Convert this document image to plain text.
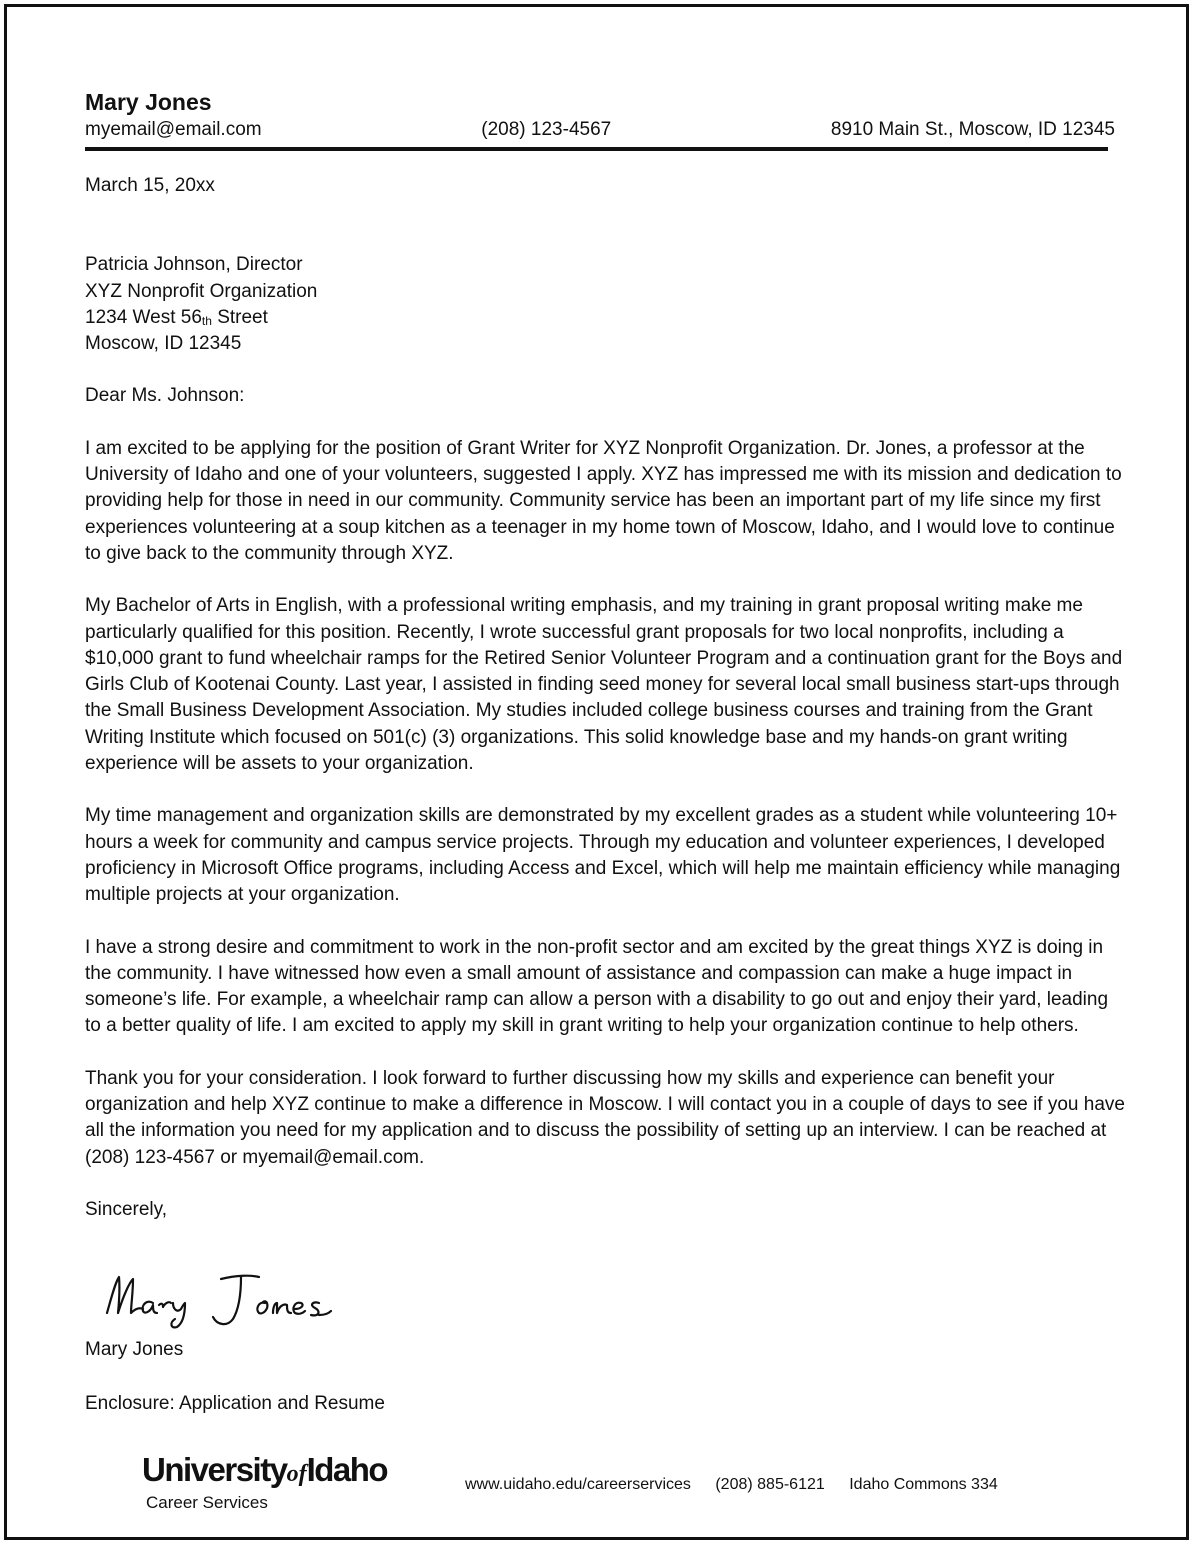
Mary Jones
myemail@email.com	(208) 123-4567	8910 Main St., Moscow, ID 12345
March 15, 20xx
Patricia Johnson, Director
XYZ Nonprofit Organization
1234 West $56_{th}$ Street
Moscow, ID 12345
Dear Ms. Johnson:

I am excited to be applying for the position of Grant Writer for XYZ Nonprofit Organization. Dr. Jones, a professor at the University of Idaho and one of your volunteers, suggested I apply. XYZ has impressed me with its mission and dedication to providing help for those in need in our community. Community service has been an important part of my life since my first experiences volunteering at a soup kitchen as a teenager in my home town of Moscow, Idaho, and I would love to continue to give back to the community through XYZ.

My Bachelor of Arts in English, with a professional writing emphasis, and my training in grant proposal writing make me particularly qualified for this position. Recently, I wrote successful grant proposals for two local nonprofits, including a $10,000 grant to fund wheelchair ramps for the Retired Senior Volunteer Program and a continuation grant for the Boys and Girls Club of Kootenai County. Last year, I assisted in finding seed money for several local small business start-ups through the Small Business Development Association. My studies included college business courses and training from the Grant Writing Institute which focused on 501(c) (3) organizations. This solid knowledge base and my hands-on grant writing experience will be assets to your organization.

My time management and organization skills are demonstrated by my excellent grades as a student while volunteering 10+ hours a week for community and campus service projects. Through my education and volunteer experiences, I developed proficiency in Microsoft Office programs, including Access and Excel, which will help me maintain efficiency while managing multiple projects at your organization.

I have a strong desire and commitment to work in the non-profit sector and am excited by the great things XYZ is doing in the community. I have witnessed how even a small amount of assistance and compassion can make a huge impact in someone’s life. For example, a wheelchair ramp can allow a person with a disability to go out and enjoy their yard, leading to a better quality of life. I am excited to apply my skill in grant writing to help your organization continue to help others.

Thank you for your consideration. I look forward to further discussing how my skills and experience can benefit your organization and help XYZ continue to make a difference in Moscow. I will contact you in a couple of days to see if you have all the information you need for my application and to discuss the possibility of setting up an interview. I can be reached at (208) 123-4567 or myemail@email.com.

Sincerely,
Mary Jones
Enclosure: Application and Resume
UniversityofIdaho
Career Services
www.uidaho.edu/careerservices (208) 885-6121 Idaho Commons 334
